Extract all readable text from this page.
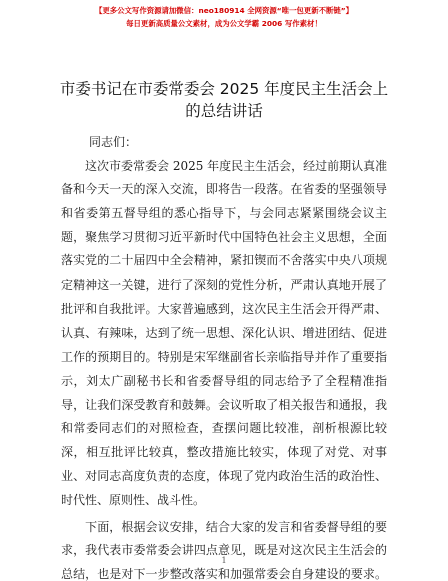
【更多公文写作资源请加微信：neo180914 全网资源“唯一包更新不断链”】
每日更新高质量公文素材，成为公文学霸 2006 写作素材！
市委书记在市委常委会 2025 年度民主生活会上
的总结讲话
同志们：
　　这次市委常委会 2025 年度民主生活会，经过前期认真准
备和今天一天的深入交流，即将告一段落。在省委的坚强领导
和省委第五督导组的悉心指导下，与会同志紧紧围绕会议主
题，聚焦学习贯彻习近平新时代中国特色社会主义思想，全面
落实党的二十届四中全会精神，紧扣锲而不舍落实中央八项规
定精神这一关键，进行了深刻的党性分析，严肃认真地开展了
批评和自我批评。大家普遍感到，这次民主生活会开得严肃、
认真、有辣味，达到了统一思想、深化认识、增进团结、促进
工作的预期目的。特别是宋军继副省长亲临指导并作了重要指
示，刘太广副秘书长和省委督导组的同志给予了全程精准指
导，让我们深受教育和鼓舞。会议听取了相关报告和通报，我
和常委同志们的对照检查，查摆问题比较准，剖析根源比较
深，相互批评比较真，整改措施比较实，体现了对党、对事
业、对同志高度负责的态度，体现了党内政治生活的政治性、
时代性、原则性、战斗性。
　　下面，根据会议安排，结合大家的发言和省委督导组的要
求，我代表市委常委会讲四点意见，既是对这次民主生活会的
总结，也是对下一步整改落实和加强常委会自身建设的要求。
1
